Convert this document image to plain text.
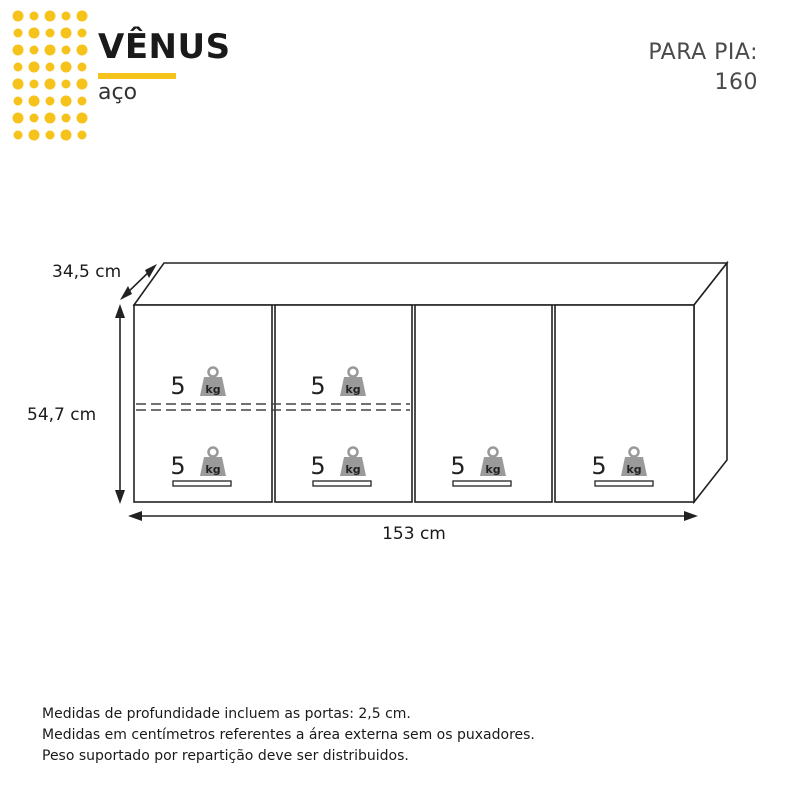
VÊNUS
aço
PARA PIA:
160
5 kg	5 kg
5 kg	5 kg	5 kg	5 kg
34,5 cm
54,7 cm
153 cm
Medidas de profundidade incluem as portas: 2,5 cm.
Medidas em centímetros referentes a área externa sem os puxadores.
Peso suportado por repartição deve ser distribuidos.
